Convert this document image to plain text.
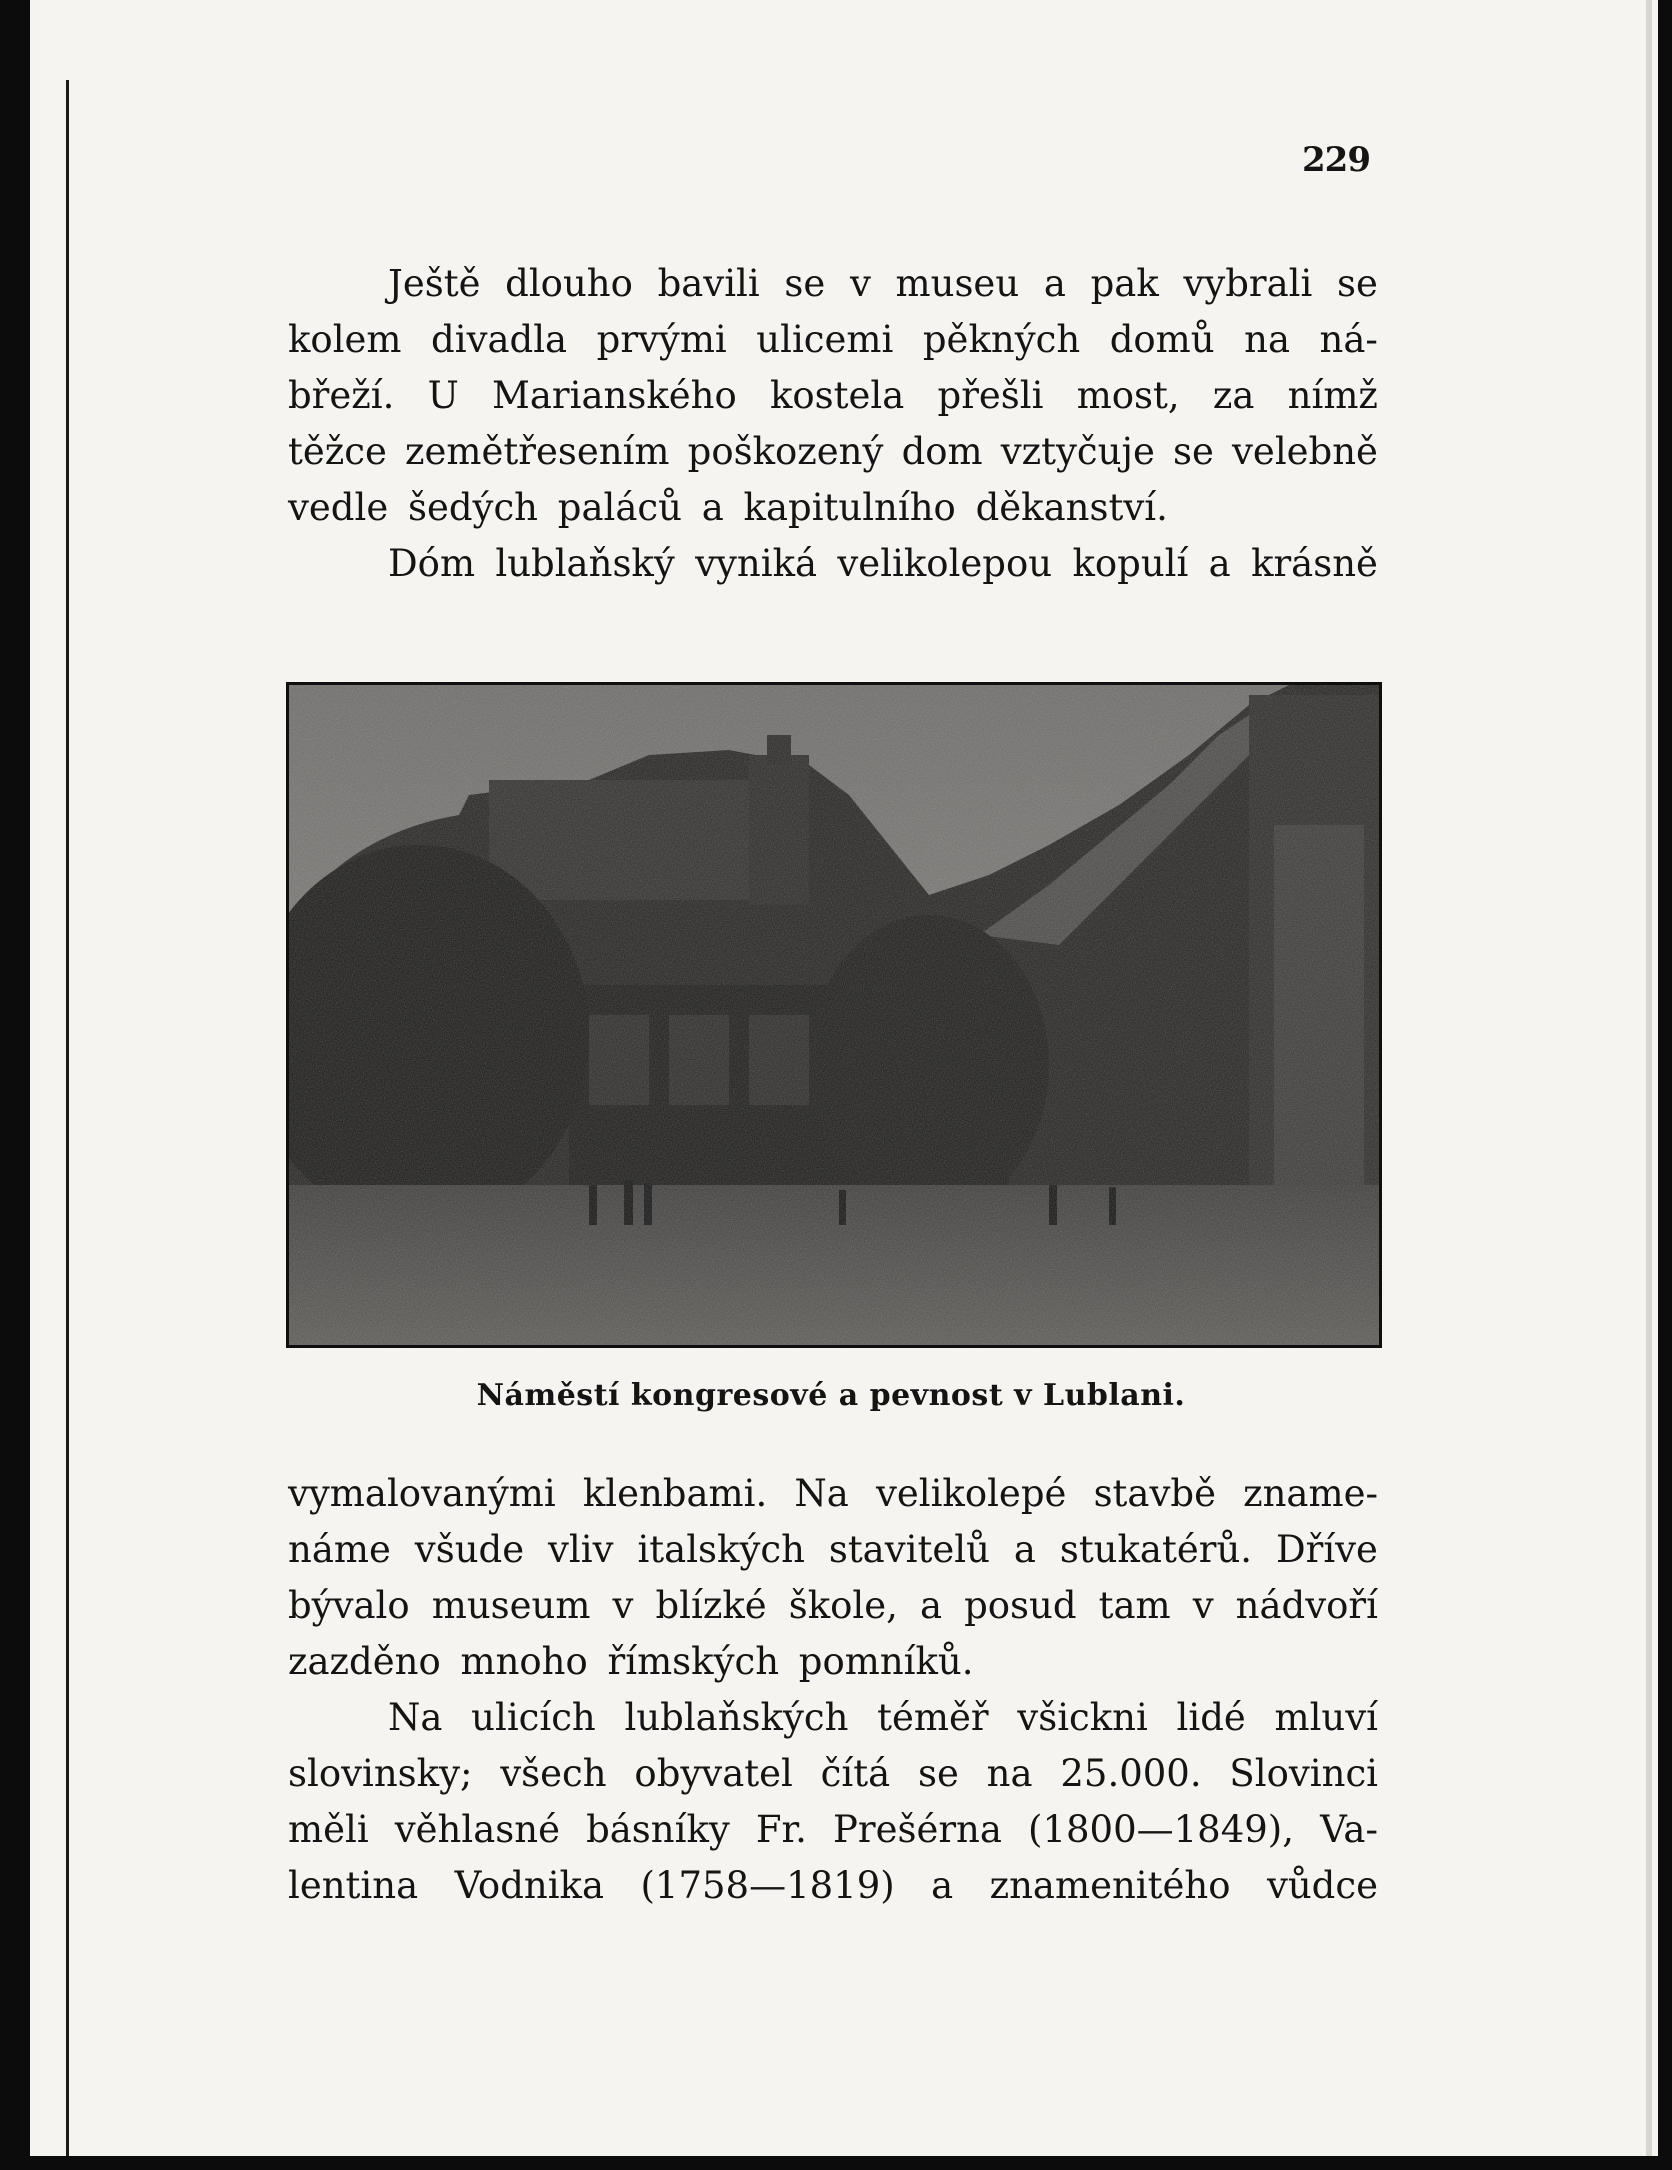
229
Ještě dlouho bavili se v museu a pak vybrali se
kolem divadla prvými ulicemi pěkných domů na ná-
břeží. U Marianského kostela přešli most, za nímž
těžce zemětřesením poškozený dom vztyčuje se velebně
vedle šedých paláců a kapitulního děkanství.
Dóm lublaňský vyniká velikolepou kopulí a krásně
Náměstí kongresové a pevnost v Lublani.
vymalovanými klenbami. Na velikolepé stavbě zname-
náme všude vliv italských stavitelů a stukatérů. Dříve
bývalo museum v blízké škole, a posud tam v nádvoří
zazděno mnoho římských pomníků.
Na ulicích lublaňských téměř všickni lidé mluví
slovinsky; všech obyvatel čítá se na 25.000. Slovinci
měli věhlasné básníky Fr. Prešérna (1800—1849), Va-
lentina Vodnika (1758—1819) a znamenitého vůdce
